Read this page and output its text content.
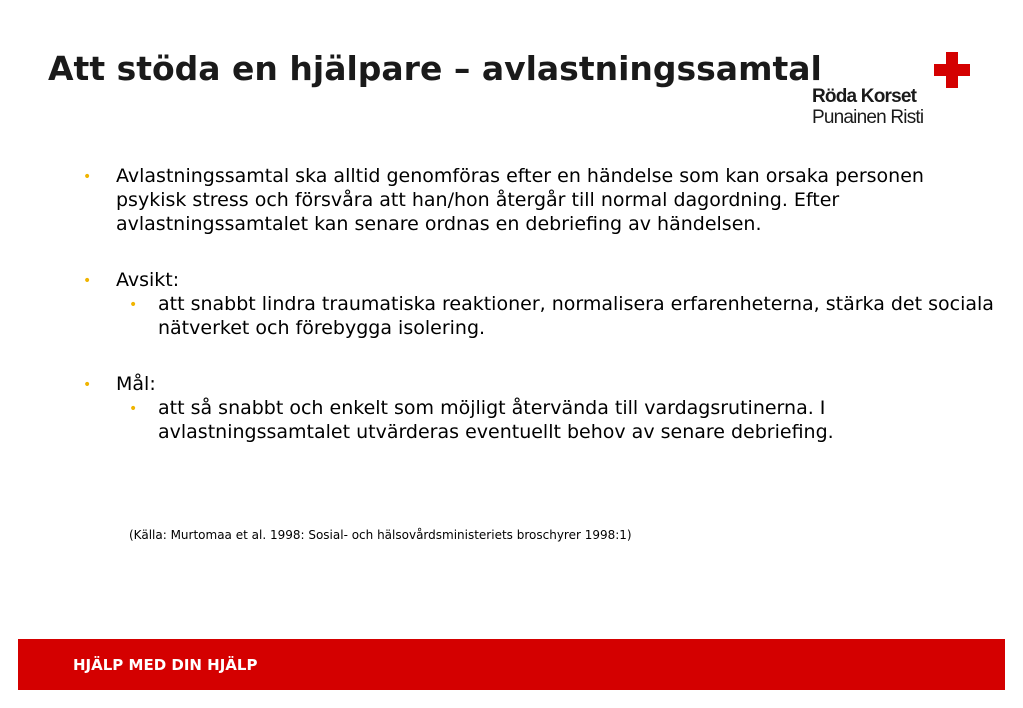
Att stöda en hjälpare – avlastningssamtal
Röda Korset
Punainen Risti

• Avlastningssamtal ska alltid genomföras efter en händelse som kan orsaka personen psykisk stress och försvåra att han/hon återgår till normal dagordning. Efter avlastningssamtalet kan senare ordnas en debriefing av händelsen.

• Avsikt:

• att snabbt lindra traumatiska reaktioner, normalisera erfarenheterna, stärka det sociala nätverket och förebygga isolering.

• Mål:

• att så snabbt och enkelt som möjligt återvända till vardagsrutinerna. I avlastningssamtalet utvärderas eventuellt behov av senare debriefing.

(Källa: Murtomaa et al. 1998: Sosial- och hälsovårdsministeriets broschyrer 1998:1)
HJÄLP MED DIN HJÄLP
